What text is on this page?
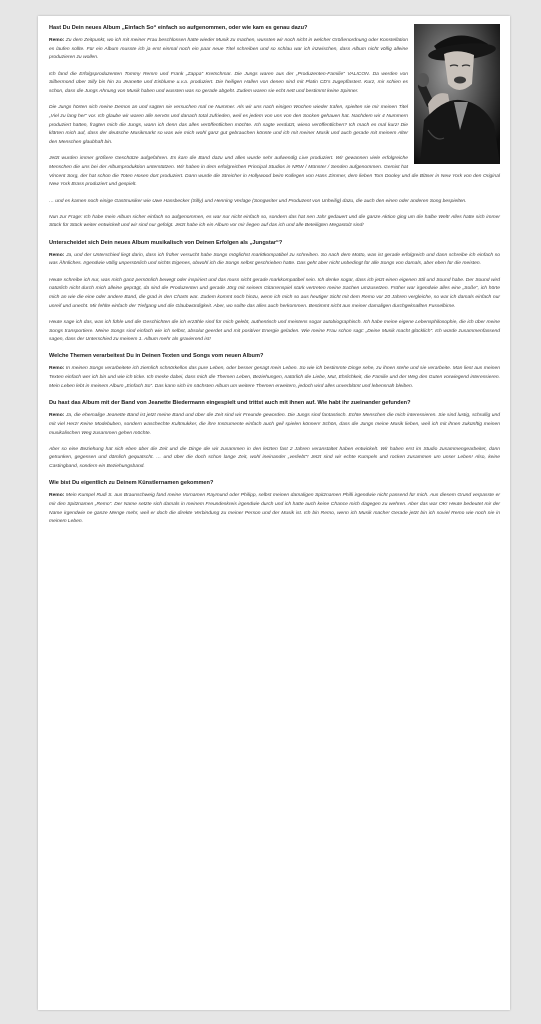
Hast Du Dein neues Album „Einfach So“ einfach so aufgenommen, oder wie kam es genau dazu?
Remo: Zu dem Zeitpunkt, wo ich mit meiner Frau beschlossen hatte wieder Musik zu machen, wussten wir noch nicht in welcher Größenordnung oder Konstellation es laufen sollte. Für ein Album musste ich ja erst einmal noch ein paar neue Titel schreiben und so schlau war ich inzwischen, dass Album nicht völlig alleine produzieren zu wollen.
Ich fand die Erfolgsproduzenten Tommy Remm und Frank „Zappa“ Kretschmar. Die Jungs waren aus der „Produzenten-Familie“ VALICON. Da werden von Silbermond über Silly bis hin zu Jeanette und Eisblume u.v.a. produziert. Die heiligen Hallen von denen sind mit Platin CD’s zugepflastert. Kurz, mir schien es schon, dass die Jungs Ahnung von Musik haben und wussten was so gerade abgeht. Zudem waren sie echt nett und bestimmt keine Spinner.
Die Jungs hörten sich meine Demos an und sagten sie versuchen mal ne Nummer. Als wir uns nach einigen Wochen wieder trafen, spielten sie mir meinen Titel „Viel zu lang her“ vor. Ich glaube wir waren alle nervös und danach total zufrieden, weil es jedem von uns von den Socken gehauen hat. Nachdem wir 4 Nummern produziert hatten, fragten mich die Jungs, wann ich denn das alles veröffentlichen möchte. Ich sagte verdutzt, wieso veröffentlichen? Ich mach es mal kurz! Die klärten mich auf, dass der deutsche Musikmarkt so was wie mich wohl ganz gut gebrauchen könnte und ich mit meiner Musik und auch gerade mit meinem Alter den Menschen glaubhaft bin.
Jetzt wurden immer größere Geschütze aufgefahren. Es kam die Band dazu und alles wurde sehr aufwendig Live produziert. Wir gewannen viele erfolgreiche Menschen die uns bei der Albumproduktion unterstützen. Wir haben in dem erfolgreichen Principal Studios in NRW / Münster / Senden aufgenommen. Gemixt hat Vincent Sorg, der hat schon die Toten Hosen dort produziert. Dann wurde die Streicher in Hollywood beim Kollegen von Hans Zimmer, dem lieben Tom Dooley und die Bläser in New York von den Original New York Brass produziert und gespielt.
… und es kamen noch einige Gastmusiker wie Uwe Hassbecker (Silly) und Henning Verlage (Songwriter und Produzent von Unheilig) dazu, die auch den einen oder anderen Song bespielten.
Nun zur Frage: Ich habe mein Album sicher einfach so aufgenommen, es war nur nicht einfach so, sondern das hat nen Jahr gedauert und die ganze Aktion ging um die halbe Welt! Alles hatte sich immer Stück für Stück weiter entwickelt und wir sind nur gefolgt. Jetzt habe ich ein Album vor mir liegen auf das ich und alle Beteiligten Megastolz sind!
Unterscheidet sich Dein neues Album musikalisch von Deinen Erfolgen als „Jungstar“?
Remo: Ja, und der Unterschied liegt darin, dass ich früher versucht habe Songs möglichst marktkompatibel zu schreiben. So nach dem Motto, was ist gerade erfolgreich und dann schreibe ich einfach so was Ähnliches. Irgendwie völlig unpersönlich und nichts Eigenes, obwohl ich die Songs selbst geschrieben hatte. Das geht aber nicht unbedingt für alle Songs von damals, aber eben für die meisten.
Heute schreibe ich nur, was mich ganz persönlich bewegt oder inspiriert und das muss nicht gerade markkompatibel sein. Ich denke sogar, dass ich jetzt einen eigenen Stil und Sound habe. Der Sound wird natürlich nicht durch mich alleine geprägt, da sind die Produzenten und gerade Jörg mit seinem Gitarrenspiel stark vertreten meine Sachen umzusetzen. Früher war irgendwie alles eine „Soße“, ich hörte mich an wie die eine oder andere Band, die grad in den Charts war. Zudem kommt noch hinzu, wenn ich mich so aus heutiger Sicht mit dem Remo vor 20 Jahren vergleiche, so war ich damals einfach nur unreif und unecht. Mir fehlte einfach der Tiefgang und die Glaubwürdigkeit. Aber, wo sollte das alles auch herkommen. Bestimmt nicht aus meiner damaligen durchgeknallten Fusselbirne.
Heute sage ich das, was ich fühle und die Geschichten die ich erzähle sind für mich gelebt, authentisch und meistens sogar autobiographisch. Ich habe meine eigene Lebensphilosophie, die ich über meine Songs transportiere. Meine Songs sind einfach wie ich selbst, absolut geerdet und mit positiver Energie geladen. Wie meine Frau schon sagt: „Deine Musik macht glücklich“. Ich würde zusammenfassend sagen, dass der Unterschied zu meinem 1. Album mehr als gravierend ist!
Welche Themen verarbeitest Du in Deinen Texten und Songs vom neuen Album?
Remo: In meinen Songs verarbeitete ich ziemlich schnörkellos das pure Leben, oder besser gesagt mein Leben. So wie ich bestimmte Dinge sehe, zu ihnen stehe und sie verarbeite. Man liest aus meinen Texten einfach wer ich bin und wie ich ticke. Ich merke dabei, dass mich die Themen Leben, Beziehungen, natürlich die Liebe, Mut, Ehrlichkeit, die Familie und der Weg des Guten vorwiegend interessieren. Mein Leben lebt in meinem Album „Einfach So“. Das kann sich im nächsten Album um weitere Themen erweitern, jedoch wird alles unverblümt und lebensnah bleiben.
Du hast das Album mit der Band von Jeanette Biedermann eingespielt und trittst auch mit ihnen auf. Wie habt ihr zueinander gefunden?
Remo: Ja, die ehemalige Jeanette Band ist jetzt meine Band und über die Zeit sind wir Freunde geworden. Die Jungs sind fantastisch. Echte Menschen die mich interessieren. Sie sind lustig, schrullig und mit viel Herz! Keine Modebuben, sondern waschechte Kultmukker, die ihre Instrumente einfach auch geil spielen können! Schön, dass die Jungs meine Musik lieben, weil ich mit ihnen zukünftig meinen musikalischen Weg zusammen gehen möchte.
Aber so eine Beziehung hat sich eben über die Zeit und die Dinge die wir zusammen in den letzten fast 2 Jahren veranstaltet haben entwickelt. Wir haben erst im Studio zusammengearbeitet, dann getrunken, gegessen und dämlich gequatscht. … und über die doch schon lange Zeit, wohl ineinander „verliebt“! Jetzt sind wir echte Kumpels und rocken zusammen um unser Leben! Also, keine Castingband, sondern ein Beziehungsband.
Wie bist Du eigentlich zu Deinem Künstlernamen gekommen?
Remo: Mein Kumpel Rudi S. aus Braunschweig fand meine Vornamen Raymund oder Philipp, selbst meinen damaligen Spitznamen Philli irgendwie nicht passend für mich. Aus diesem Grund verpasste er mir den Spitznamen „Remo“. Der Name setzte sich damals in meinem Freundeskreis irgendwie durch und ich hatte auch keine Chance mich dagegen zu wehren. Aber das war OK! Heute bedeutet mir der Name irgendwie ne ganze Menge mehr, weil er doch die direkte Verbindung zu meiner Person und der Musik ist. Ich bin Remo, wenn ich Musik mache! Gerade jetzt bin ich soviel Remo wie noch nie in meinem Leben.
